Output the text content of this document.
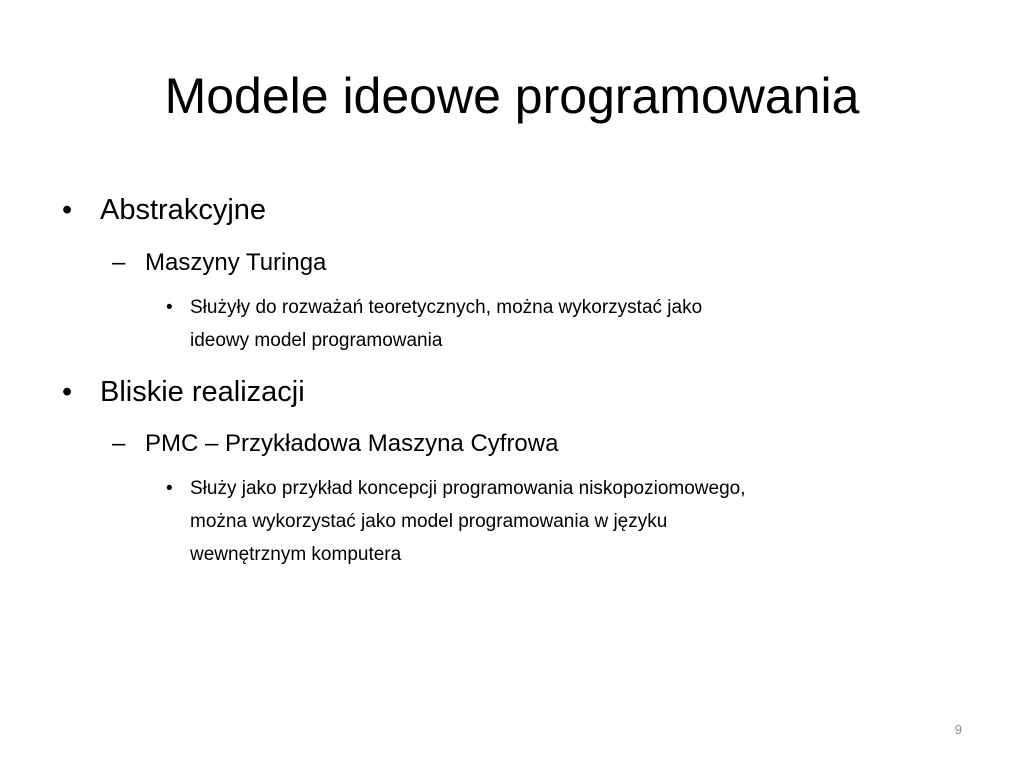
Modele ideowe programowania
• Abstrakcyjne
– Maszyny Turinga
• Służyły do rozważań teoretycznych, można wykorzystać jako
ideowy model programowania
• Bliskie realizacji
– PMC – Przykładowa Maszyna Cyfrowa
• Służy jako przykład koncepcji programowania niskopoziomowego,
można wykorzystać jako model programowania w języku
wewnętrznym komputera
9
